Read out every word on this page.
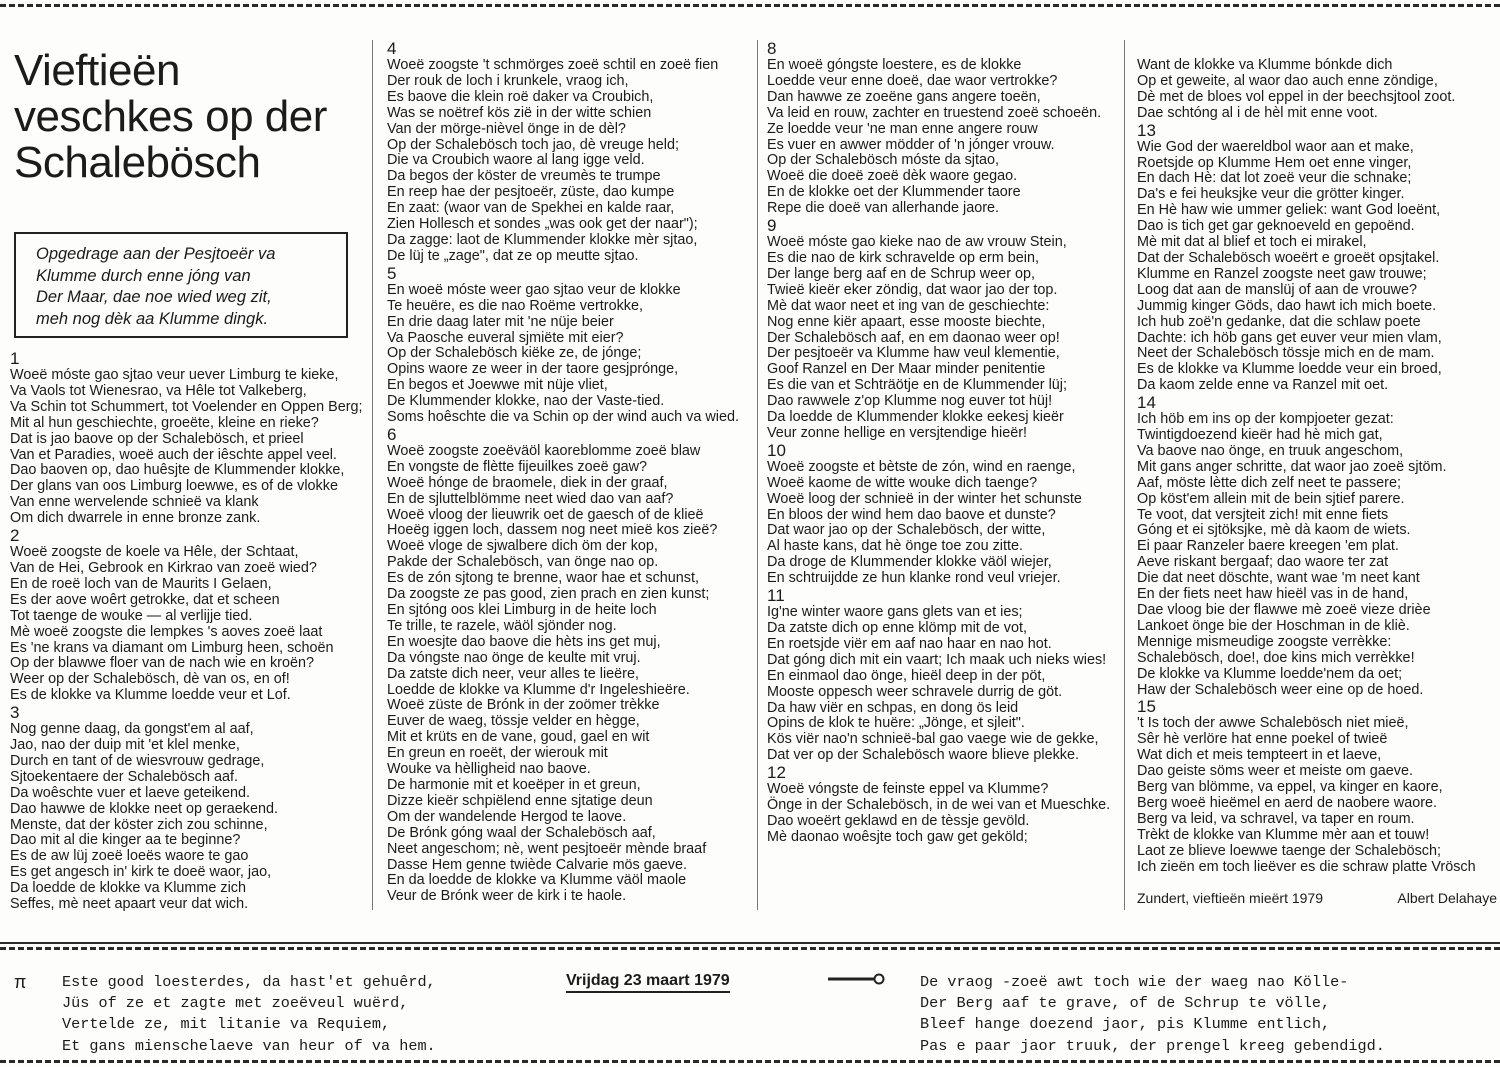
Vieftieën
veschkes op der
Schalebösch
Opgedrage aan der Pesjtoeër va
Klumme durch enne jóng van
Der Maar, dae noe wied weg zit,
meh nog dèk aa Klumme dingk.
1
Woeë móste gao sjtao veur uever Limburg te kieke,
Va Vaols tot Wienesrao, va Hêle tot Valkeberg,
Va Schin tot Schummert, tot Voelender en Oppen Berg;
Mit al hun geschiechte, groeëte, kleine en rieke?
Dat is jao baove op der Schalebösch, et prieel
Van et Paradies, woeë auch der iêschte appel veel.
Dao baoven op, dao huêsjte de Klummender klokke,
Der glans van oos Limburg loewwe, es of de vlokke
Van enne wervelende schnieë va klank
Om dich dwarrele in enne bronze zank.
2
Woeë zoogste de koele va Hêle, der Schtaat,
Van de Hei, Gebrook en Kirkrao van zoeë wied?
En de roeë loch van de Maurits I Gelaen,
Es der aove woêrt getrokke, dat et scheen
Tot taenge de wouke — al verlijje tied.
Mè woeë zoogste die lempkes 's aoves zoeë laat
Es 'ne krans va diamant om Limburg heen, schoën
Op der blawwe floer van de nach wie en kroën?
Weer op der Schalebösch, dè van os, en of!
Es de klokke va Klumme loedde veur et Lof.
3
Nog genne daag, da gongst'em al aaf,
Jao, nao der duip mit 'et klel menke,
Durch en tant of de wiesvrouw gedrage,
Sjtoekentaere der Schalebösch aaf.
Da woêschte vuer et laeve geteikend.
Dao hawwe de klokke neet op geraekend.
Menste, dat der köster zich zou schinne,
Dao mit al die kinger aa te beginne?
Es de aw lüj zoeë loeës waore te gao
Es get angesch in' kirk te doeë waor, jao,
Da loedde de klokke va Klumme zich
Seffes, mè neet apaart veur dat wich.
4
Woeë zoogste 't schmörges zoeë schtil en zoeë fien
Der rouk de loch i krunkele, vraog ich,
Es baove die klein roë daker va Croubich,
Was se noëtref kös zië in der witte schien
Van der mörge-nièvel önge in de dèl?
Op der Schalebösch toch jao, dè vreuge held;
Die va Croubich waore al lang igge veld.
Da begos der köster de vreumès te trumpe
En reep hae der pesjtoeër, züste, dao kumpe
En zaat: (waor van de Spekhei en kalde raar,
Zien Hollesch et sondes „was ook get der naar");
Da zagge: laot de Klummender klokke mèr sjtao,
De lüj te „zage", dat ze op meutte sjtao.
5
En woeë móste weer gao sjtao veur de klokke
Te heuëre, es die nao Roëme vertrokke,
En drie daag later mit 'ne nüje beier
Va Paosche euveral sjmiëte mit eier?
Op der Schalebösch kiëke ze, de jónge;
Opins waore ze weer in der taore gesjprónge,
En begos et Joewwe mit nüje vliet,
De Klummender klokke, nao der Vaste-tied.
Soms hoêschte die va Schin op der wind auch va wied.
6
Woeë zoogste zoeëväöl kaoreblomme zoeë blaw
En vongste de flètte fijeuilkes zoeë gaw?
Woeë hónge de braomele, diek in der graaf,
En de sjluttelblömme neet wied dao van aaf?
Woeë vloog der lieuwrik oet de gaesch of de klieë
Hoeëg iggen loch, dassem nog neet mieë kos zieë?
Woeë vloge de sjwalbere dich öm der kop,
Pakde der Schalebösch, van önge nao op.
Es de zón sjtong te brenne, waor hae et schunst,
Da zoogste ze pas good, zien prach en zien kunst;
En sjtóng oos klei Limburg in de heite loch
Te trille, te razele, wäöl sjönder nog.
En woesjte dao baove die hèts ins get muj,
Da vóngste nao önge de keulte mit vruj.
Da zatste dich neer, veur alles te lieëre,
Loedde de klokke va Klumme d'r Ingeleshieëre.
Woeë züste de Brónk in der zoömer trèkke
Euver de waeg, tössje velder en hègge,
Mit et krüts en de vane, goud, gael en wit
En greun en roeët, der wierouk mit
Wouke va hèlligheid nao baove.
De harmonie mit et koeëper in et greun,
Dizze kieër schpiëlend enne sjtatige deun
Om der wandelende Hergod te laove.
De Brónk góng waal der Schalebösch aaf,
Neet angeschom; nè, went pesjtoeër mènde braaf
Dasse Hem genne twiède Calvarie mös gaeve.
En da loedde de klokke va Klumme väöl maole
Veur de Brónk weer de kirk i te haole.
8
En woeë góngste loestere, es de klokke
Loedde veur enne doeë, dae waor vertrokke?
Dan hawwe ze zoeëne gans angere toeën,
Va leid en rouw, zachter en truestend zoeë schoeën.
Ze loedde veur 'ne man enne angere rouw
Es vuer en awwer mödder of 'n jónger vrouw.
Op der Schalebösch móste da sjtao,
Woeë die doeë zoeë dèk waore gegao.
En de klokke oet der Klummender taore
Repe die doeë van allerhande jaore.
9
Woeë móste gao kieke nao de aw vrouw Stein,
Es die nao de kirk schravelde op erm bein,
Der lange berg aaf en de Schrup weer op,
Twieë kieër eker zöndig, dat waor jao der top.
Mè dat waor neet et ing van de geschiechte:
Nog enne kiër apaart, esse mooste biechte,
Der Schalebösch aaf, en em daonao weer op!
Der pesjtoeër va Klumme haw veul klementie,
Goof Ranzel en Der Maar minder penitentie
Es die van et Schträötje en de Klummender lüj;
Dao rawwele z'op Klumme nog euver tot hüj!
Da loedde de Klummender klokke eekesj kieër
Veur zonne hellige en versjtendige hieër!
10
Woeë zoogste et bètste de zón, wind en raenge,
Woeë kaome de witte wouke dich taenge?
Woeë loog der schnieë in der winter het schunste
En bloos der wind hem dao baove et dunste?
Dat waor jao op der Schalebösch, der witte,
Al haste kans, dat hè önge toe zou zitte.
Da droge de Klummender klokke väöl wiejer,
En schtruijdde ze hun klanke rond veul vriejer.
11
Ig'ne winter waore gans glets van et ies;
Da zatste dich op enne klömp mit de vot,
En roetsjde viër em aaf nao haar en nao hot.
Dat góng dich mit ein vaart; Ich maak uch nieks wies!
En einmaol dao önge, hieël deep in der pöt,
Mooste oppesch weer schravele durrig de göt.
Da haw viër en schpas, en dong ös leid
Opins de klok te huëre: „Jönge, et sjleit".
Kös viër nao'n schnieë-bal gao vaege wie de gekke,
Dat ver op der Schalebösch waore blieve plekke.
12
Woeë vóngste de feinste eppel va Klumme?
Önge in der Schalebösch, in de wei van et Mueschke.
Dao woeërt geklawd en de tèssje gevöld.
Mè daonao woêsjte toch gaw get geköld;
Want de klokke va Klumme bónkde dich
Op et geweite, al waor dao auch enne zöndige,
Dè met de bloes vol eppel in der beechsjtool zoot.
Dae schtóng al i de hèl mit enne voot.
13
Wie God der waereldbol waor aan et make,
Roetsjde op Klumme Hem oet enne vinger,
En dach Hè: dat lot zoeë veur die schnake;
Da's e fei heuksjke veur die grötter kinger.
En Hè haw wie ummer geliek: want God loeënt,
Dao is tich get gar geknoeveld en gepoënd.
Mè mit dat al blief et toch ei mirakel,
Dat der Schalebösch woeërt e groeët opsjtakel.
Klumme en Ranzel zoogste neet gaw trouwe;
Loog dat aan de manslüj of aan de vrouwe?
Jummig kinger Göds, dao hawt ich mich boete.
Ich hub zoë'n gedanke, dat die schlaw poete
Dachte: ich höb gans get euver veur mien vlam,
Neet der Schalebösch tössje mich en de mam.
Es de klokke va Klumme loedde veur ein broed,
Da kaom zelde enne va Ranzel mit oet.
14
Ich höb em ins op der kompjoeter gezat:
Twintigdoezend kieër had hè mich gat,
Va baove nao önge, en truuk angeschom,
Mit gans anger schritte, dat waor jao zoeë sjtöm.
Aaf, möste lètte dich zelf neet te passere;
Op köst'em allein mit de bein sjtief parere.
Te voot, dat versjteit zich! mit enne fiets
Góng et ei sjtöksjke, mè dà kaom de wiets.
Ei paar Ranzeler baere kreegen 'em plat.
Aeve riskant bergaaf; dao waore ter zat
Die dat neet döschte, want wae 'm neet kant
En der fiets neet haw hieël vas in de hand,
Dae vloog bie der flawwe mè zoeë vieze drièe
Lankoet önge bie der Hoschman in de kliè.
Mennige mismeudige zoogste verrèkke:
Schalebösch, doe!, doe kins mich verrèkke!
De klokke va Klumme loedde'nem da oet;
Haw der Schalebösch weer eine op de hoed.
15
't Is toch der awwe Schalebösch niet mieë,
Sêr hè verlöre hat enne poekel of twieë
Wat dich et meis tempteert in et laeve,
Dao geiste söms weer et meiste om gaeve.
Berg van blömme, va eppel, va kinger en kaore,
Berg woeë hieëmel en aerd de naobere waore.
Berg va leid, va schravel, va taper en roum.
Trèkt de klokke van Klumme mèr aan et touw!
Laot ze blieve loewwe taenge der Schalebösch;
Ich zieën em toch lieëver es die schraw platte Vrösch
Zundert, vieftieën mieërt 1979	Albert Delahaye
π Este good loesterdes, da hast'et gehuêrd,
Jüs of ze et zagte met zoeëveul wuërd,
Vertelde ze, mit litanie va Requiem,
Et gans mienschelaeve van heur of va hem.
Vrijdag 23 maart 1979	De vraog -zoeë awt toch wie der waeg nao Kölle-
Der Berg aaf te grave, of de Schrup te völle,
Bleef hange doezend jaor, pis Klumme entlich,
Pas e paar jaor truuk, der prengel kreeg gebendigd.
